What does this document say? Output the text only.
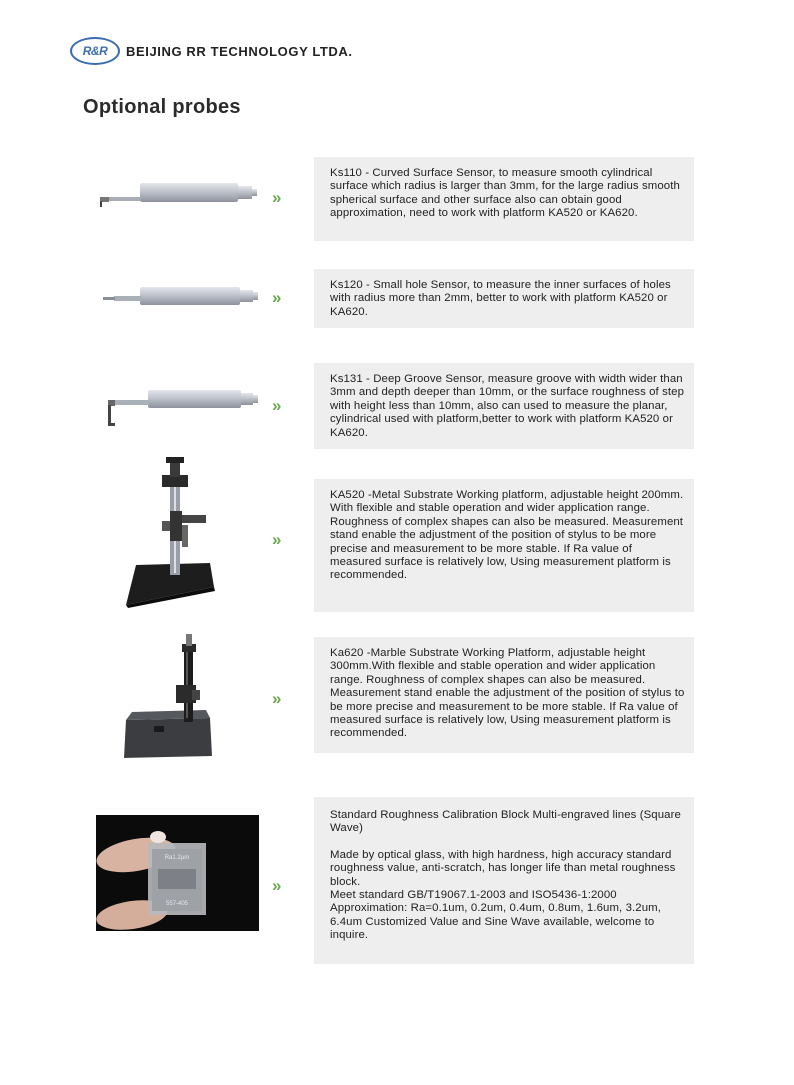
R&R BEIJING RR TECHNOLOGY LTDA.
Optional probes
»

Ks110 - Curved Surface Sensor, to measure smooth cylindrical surface which radius is larger than 3mm, for the large radius smooth spherical surface and other surface also can obtain good approximation, need to work with platform KA520 or KA620.

»

Ks120 - Small hole Sensor, to measure the inner surfaces of holes with radius more than 2mm, better to work with platform KA520 or KA620.

»

Ks131 - Deep Groove Sensor, measure groove with width wider than 3mm and depth deeper than 10mm, or the surface roughness of step with height less than 10mm, also can used to measure the planar, cylindrical used with platform,better to work with platform KA520 or KA620.

»

KA520 -Metal Substrate Working platform, adjustable height 200mm.
With flexible and stable operation and wider application range. Roughness of complex shapes can also be measured. Measurement stand enable the adjustment of the position of stylus to be more precise and measurement to be more stable. If Ra value of measured surface is relatively low, Using measurement platform is recommended.

»

Ka620 -Marble Substrate Working Platform, adjustable height 300mm.With flexible and stable operation and wider application range. Roughness of complex shapes can also be measured. Measurement stand enable the adjustment of the position of stylus to be more precise and measurement to be more stable. If Ra value of measured surface is relatively low, Using measurement platform is recommended.

Ra1.2µm
557-405
»

Standard Roughness Calibration Block Multi-engraved lines (Square Wave)

Made by optical glass, with high hardness, high accuracy standard roughness value, anti-scratch, has longer life than metal roughness block.
Meet standard GB/T19067.1-2003 and ISO5436-1:2000
Approximation: Ra=0.1um, 0.2um, 0.4um, 0.8um, 1.6um, 3.2um, 6.4um Customized Value and Sine Wave available, welcome to inquire.
